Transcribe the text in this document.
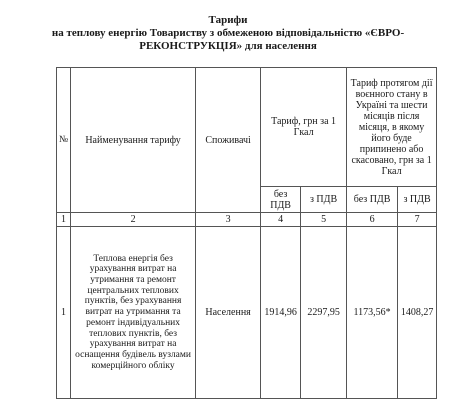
Тарифи
на теплову енергію Товариству з обмеженою відповідальністю «ЄВРО-
РЕКОНСТРУКЦІЯ» для населення
№	Найменування тарифу	Споживачі	Тариф, грн за 1 Гкал		Тариф протягом дії воєнного стану в Україні та шести місяців після місяця, в якому його буде припинено або скасовано, грн за 1 Гкал	
			без ПДВ	з ПДВ	без ПДВ	з ПДВ
1	2	3	4	5	6	7
1	Теплова енергія без урахування витрат на утримання та ремонт центральних теплових пунктів, без урахування витрат на утримання та ремонт індивідуальних теплових пунктів, без урахування витрат на оснащення будівель вузлами комерційного обліку	Населення	1914,96	2297,95	1173,56*	1408,27
